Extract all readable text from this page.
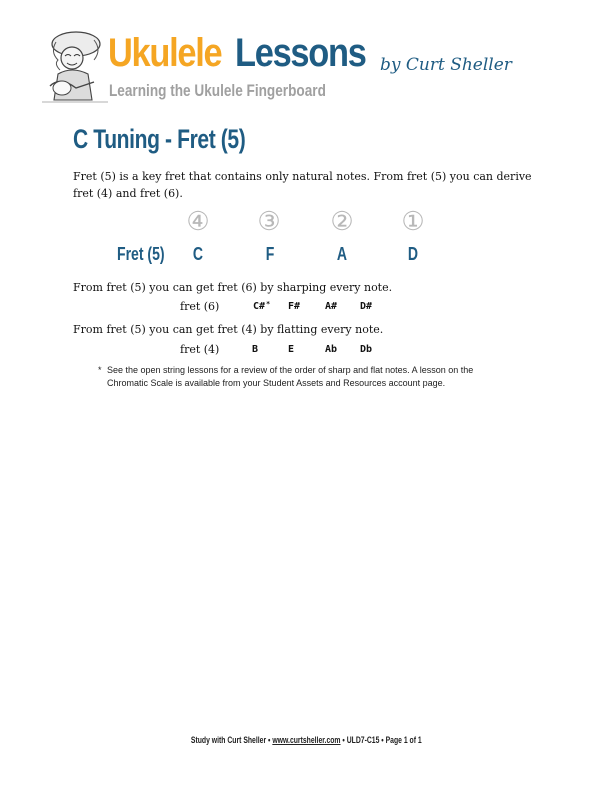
Ukulele Lessons by Curt Sheller
Learning the Ukulele Fingerboard
C Tuning - Fret (5)
Fret (5) is a key fret that contains only natural notes. From fret (5) you can derive fret (4) and fret (6).
④ ③ ② ①
Fret (5)	C	F	A	D
From fret (5) you can get fret (6) by sharping every note.
fret (6)	C#* F# A# D#
From fret (5) you can get fret (4) by flatting every note.
fret (4)	B	E	Ab Db
* See the open string lessons for a review of the order of sharp and flat notes. A lesson on the Chromatic Scale is available from your Student Assets and Resources account page.
Study with Curt Sheller • www.curtsheller.com • ULD7-C15 • Page 1 of 1
